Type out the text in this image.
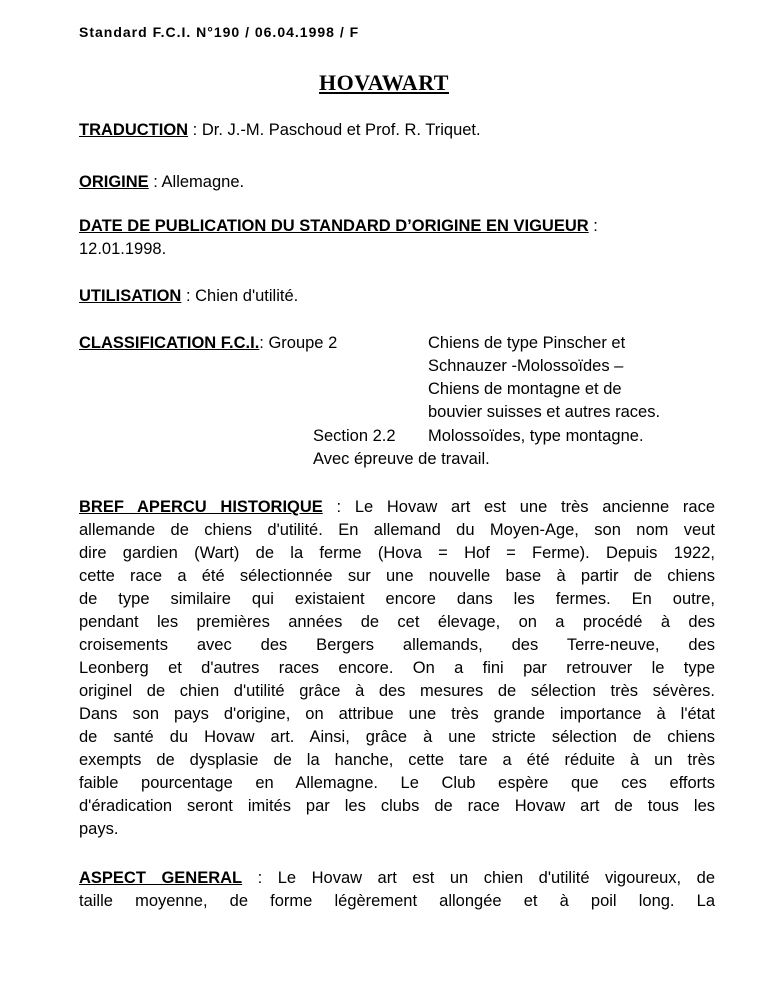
Standard F.C.I. N°190 / 06.04.1998 / F
HOVAWART
TRADUCTION : Dr. J.-M. Paschoud et Prof. R. Triquet.
ORIGINE : Allemagne.
DATE DE PUBLICATION DU STANDARD D’ORIGINE EN VIGUEUR :
12.01.1998.
UTILISATION : Chien d'utilité.
CLASSIFICATION F.C.I.: Groupe 2	Chiens de type Pinscher et
Schnauzer -Molossoïdes –
Chiens de montagne et de
bouvier suisses et autres races.
Section 2.2 Molossoïdes, type montagne.
Avec épreuve de travail.
BREF APERCU HISTORIQUE : Le Hovaw art est une très ancienne race
allemande de chiens d'utilité. En allemand du Moyen-Age, son nom veut
dire gardien (Wart) de la ferme (Hova = Hof = Ferme). Depuis 1922,
cette race a été sélectionnée sur une nouvelle base à partir de chiens
de type similaire qui existaient encore dans les fermes. En outre,
pendant les premières années de cet élevage, on a procédé à des
croisements avec des Bergers allemands, des Terre-neuve, des
Leonberg et d'autres races encore. On a fini par retrouver le type
originel de chien d'utilité grâce à des mesures de sélection très sévères.
Dans son pays d'origine, on attribue une très grande importance à l'état
de santé du Hovaw art. Ainsi, grâce à une stricte sélection de chiens
exempts de dysplasie de la hanche, cette tare a été réduite à un très
faible pourcentage en Allemagne. Le Club espère que ces efforts
d'éradication seront imités par les clubs de race Hovaw art de tous les
pays.
ASPECT GENERAL : Le Hovaw art est un chien d'utilité vigoureux, de
taille moyenne, de forme légèrement allongée et à poil long. La
